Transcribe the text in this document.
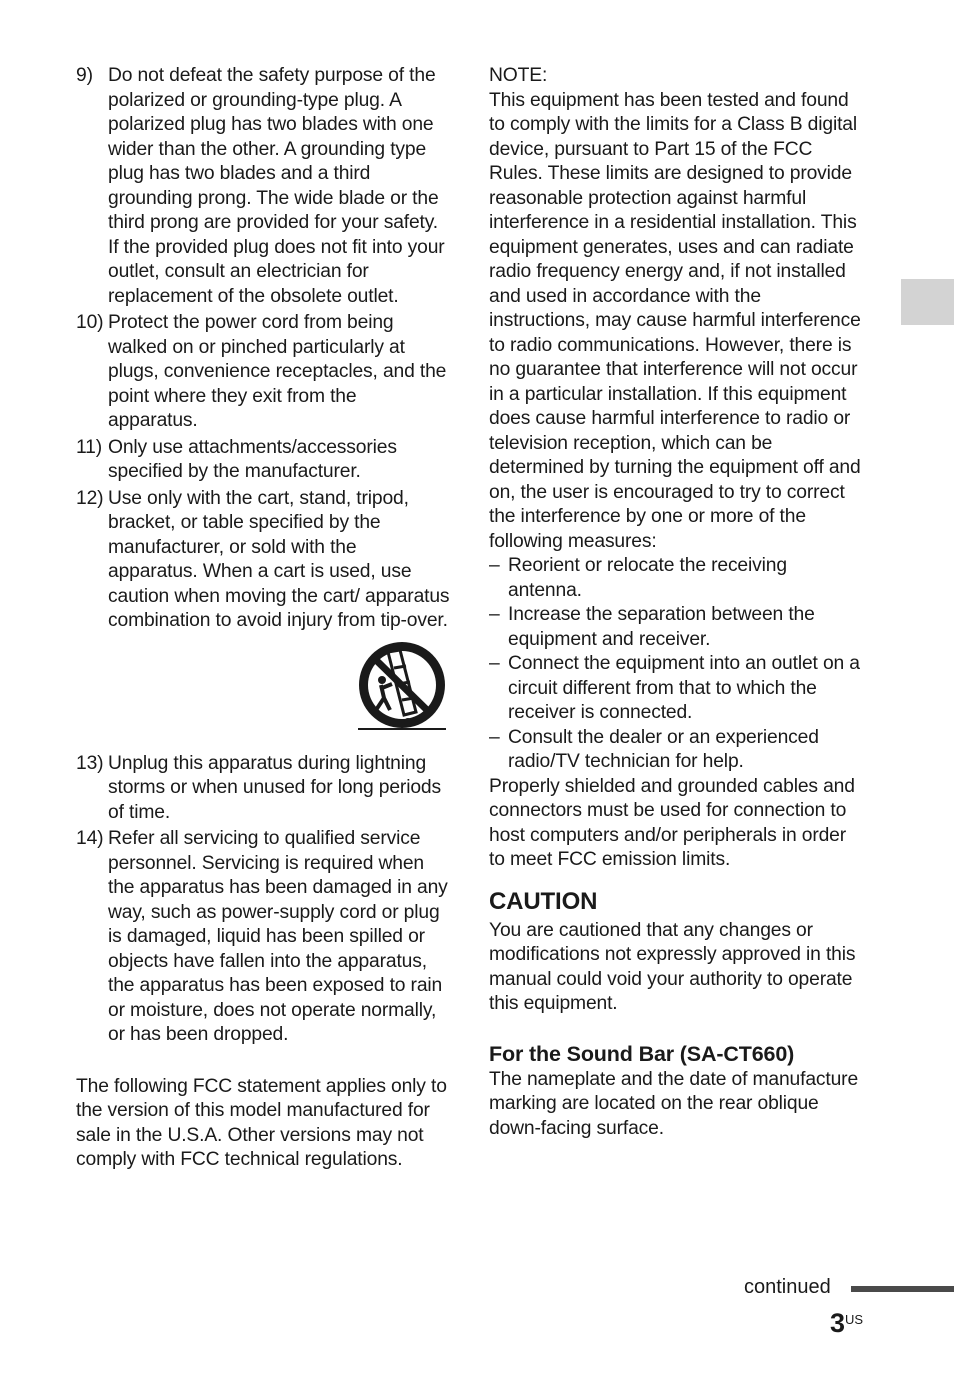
9) Do not defeat the safety purpose of the polarized or grounding-type plug. A polarized plug has two blades with one wider than the other. A grounding type plug has two blades and a third grounding prong. The wide blade or the third prong are provided for your safety. If the provided plug does not fit into your outlet, consult an electrician for replacement of the obsolete outlet.
10) Protect the power cord from being walked on or pinched particularly at plugs, convenience receptacles, and the point where they exit from the apparatus.
11) Only use attachments/accessories specified by the manufacturer.
12) Use only with the cart, stand, tripod, bracket, or table specified by the manufacturer, or sold with the apparatus. When a cart is used, use caution when moving the cart/ apparatus combination to avoid injury from tip-over.
13) Unplug this apparatus during lightning storms or when unused for long periods of time.
14) Refer all servicing to qualified service personnel. Servicing is required when the apparatus has been damaged in any way, such as power-supply cord or plug is damaged, liquid has been spilled or objects have fallen into the apparatus, the apparatus has been exposed to rain or moisture, does not operate normally, or has been dropped.

The following FCC statement applies only to the version of this model manufactured for sale in the U.S.A. Other versions may not comply with FCC technical regulations.

NOTE:

This equipment has been tested and found to comply with the limits for a Class B digital device, pursuant to Part 15 of the FCC Rules. These limits are designed to provide reasonable protection against harmful interference in a residential installation. This equipment generates, uses and can radiate radio frequency energy and, if not installed and used in accordance with the instructions, may cause harmful interference to radio communications. However, there is no guarantee that interference will not occur in a particular installation. If this equipment does cause harmful interference to radio or television reception, which can be determined by turning the equipment off and on, the user is encouraged to try to correct the interference by one or more of the following measures:

– Reorient or relocate the receiving antenna.
– Increase the separation between the equipment and receiver.
– Connect the equipment into an outlet on a circuit different from that to which the receiver is connected.
– Consult the dealer or an experienced radio/TV technician for help.

Properly shielded and grounded cables and connectors must be used for connection to host computers and/or peripherals in order to meet FCC emission limits.

CAUTION

You are cautioned that any changes or modifications not expressly approved in this manual could void your authority to operate this equipment.

For the Sound Bar (SA-CT660)

The nameplate and the date of manufacture marking are located on the rear oblique down-facing surface.

continued
3 US
